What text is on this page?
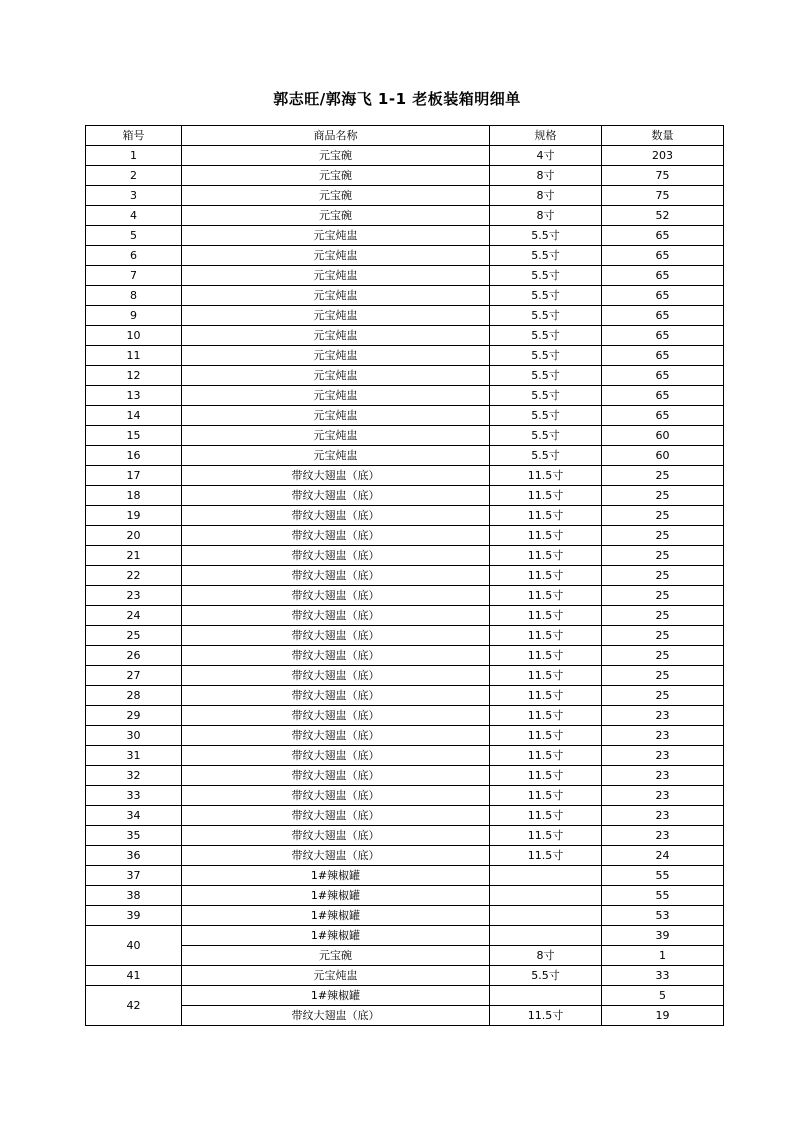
郭志旺/郭海飞 1-1 老板装箱明细单
箱号	商品名称	规格	数量
1	元宝碗	4寸	203
2	元宝碗	8寸	75
3	元宝碗	8寸	75
4	元宝碗	8寸	52
5	元宝炖盅	5.5寸	65
6	元宝炖盅	5.5寸	65
7	元宝炖盅	5.5寸	65
8	元宝炖盅	5.5寸	65
9	元宝炖盅	5.5寸	65
10	元宝炖盅	5.5寸	65
11	元宝炖盅	5.5寸	65
12	元宝炖盅	5.5寸	65
13	元宝炖盅	5.5寸	65
14	元宝炖盅	5.5寸	65
15	元宝炖盅	5.5寸	60
16	元宝炖盅	5.5寸	60
17	带纹大翅盅（底）	11.5寸	25
18	带纹大翅盅（底）	11.5寸	25
19	带纹大翅盅（底）	11.5寸	25
20	带纹大翅盅（底）	11.5寸	25
21	带纹大翅盅（底）	11.5寸	25
22	带纹大翅盅（底）	11.5寸	25
23	带纹大翅盅（底）	11.5寸	25
24	带纹大翅盅（底）	11.5寸	25
25	带纹大翅盅（底）	11.5寸	25
26	带纹大翅盅（底）	11.5寸	25
27	带纹大翅盅（底）	11.5寸	25
28	带纹大翅盅（底）	11.5寸	25
29	带纹大翅盅（底）	11.5寸	23
30	带纹大翅盅（底）	11.5寸	23
31	带纹大翅盅（底）	11.5寸	23
32	带纹大翅盅（底）	11.5寸	23
33	带纹大翅盅（底）	11.5寸	23
34	带纹大翅盅（底）	11.5寸	23
35	带纹大翅盅（底）	11.5寸	23
36	带纹大翅盅（底）	11.5寸	24
37	1#辣椒罐		55
38	1#辣椒罐		55
39	1#辣椒罐		53
40	1#辣椒罐		39
	元宝碗	8寸	1
41	元宝炖盅	5.5寸	33
42	1#辣椒罐		5
	带纹大翅盅（底）	11.5寸	19
